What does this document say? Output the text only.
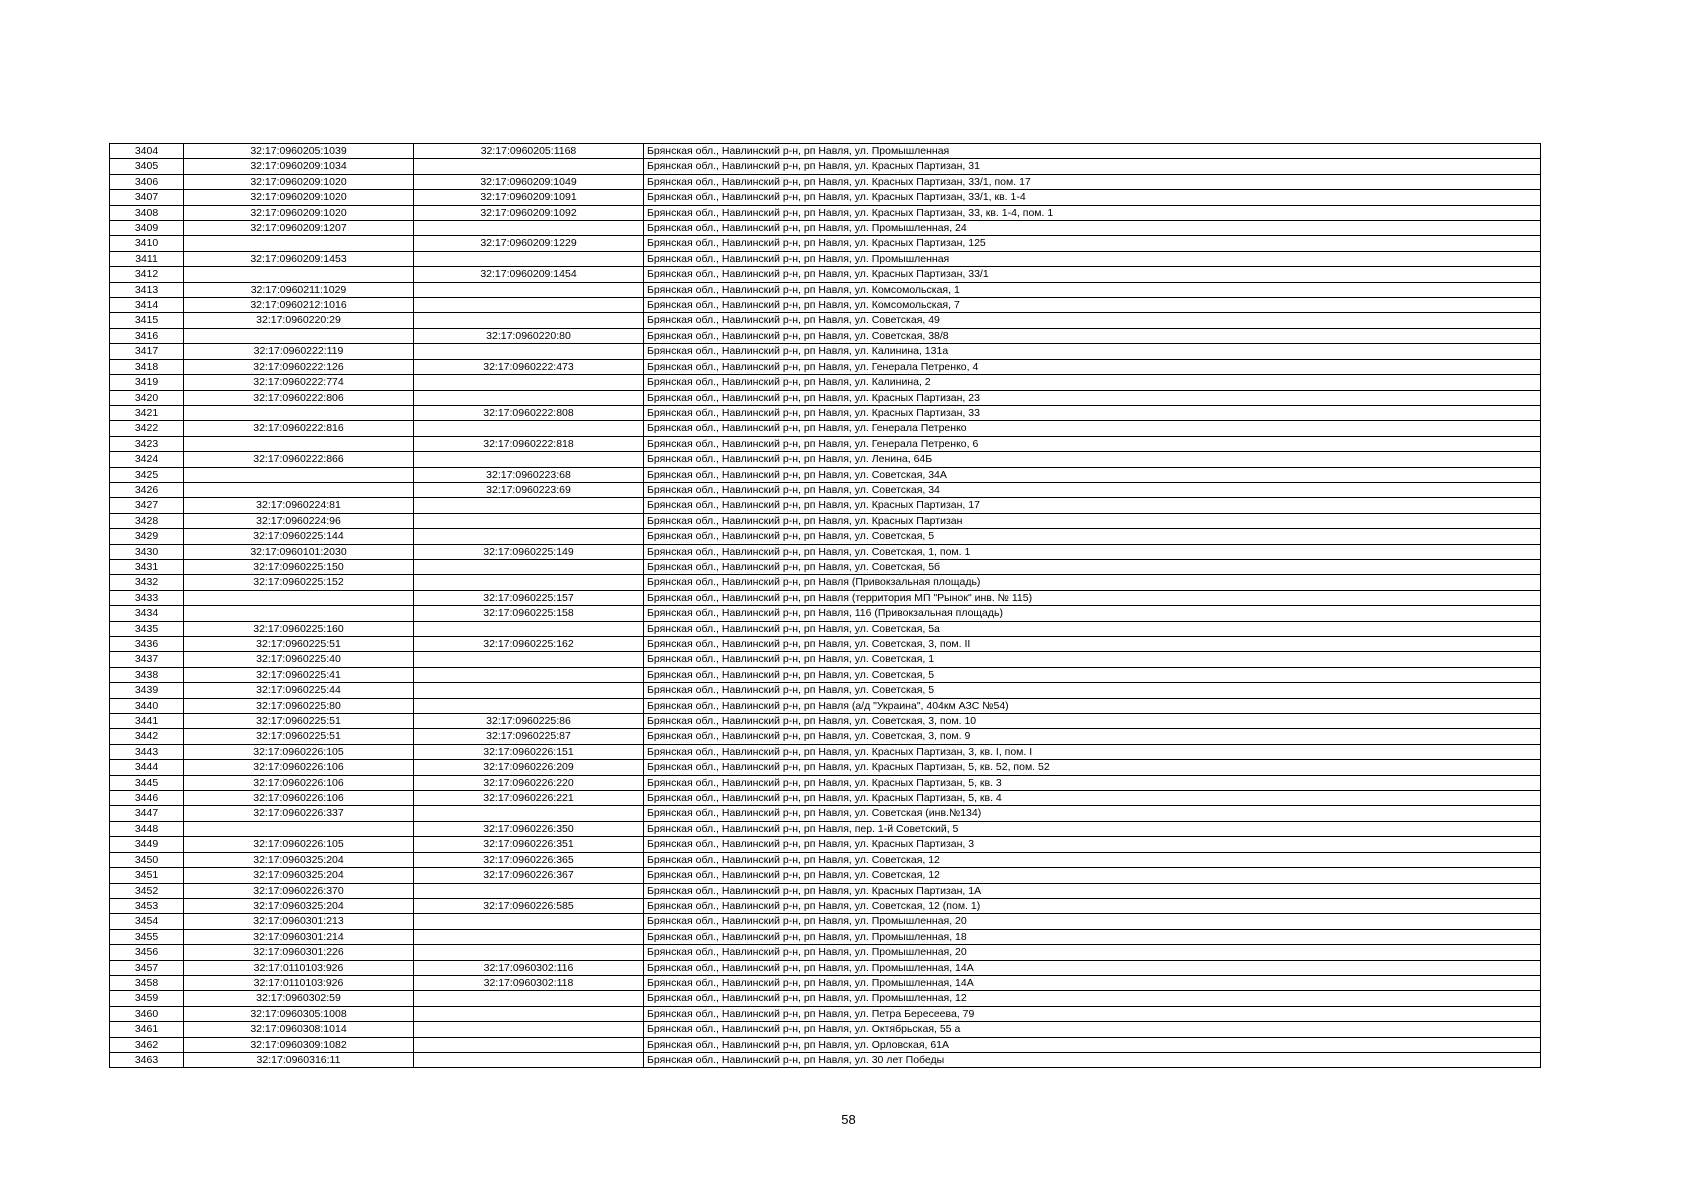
3404	32:17:0960205:1039	32:17:0960205:1168	Брянская обл., Навлинский р-н, рп Навля, ул. Промышленная
3405	32:17:0960209:1034		Брянская обл., Навлинский р-н, рп Навля, ул. Красных Партизан, 31
3406	32:17:0960209:1020	32:17:0960209:1049	Брянская обл., Навлинский р-н, рп Навля, ул. Красных Партизан, 33/1, пом. 17
3407	32:17:0960209:1020	32:17:0960209:1091	Брянская обл., Навлинский р-н, рп Навля, ул. Красных Партизан, 33/1, кв. 1-4
3408	32:17:0960209:1020	32:17:0960209:1092	Брянская обл., Навлинский р-н, рп Навля, ул. Красных Партизан, 33, кв. 1-4, пом. 1
3409	32:17:0960209:1207		Брянская обл., Навлинский р-н, рп Навля, ул. Промышленная, 24
3410		32:17:0960209:1229	Брянская обл., Навлинский р-н, рп Навля, ул. Красных Партизан, 125
3411	32:17:0960209:1453		Брянская обл., Навлинский р-н, рп Навля, ул. Промышленная
3412		32:17:0960209:1454	Брянская обл., Навлинский р-н, рп Навля, ул. Красных Партизан, 33/1
3413	32:17:0960211:1029		Брянская обл., Навлинский р-н, рп Навля, ул. Комсомольская, 1
3414	32:17:0960212:1016		Брянская обл., Навлинский р-н, рп Навля, ул. Комсомольская, 7
3415	32:17:0960220:29		Брянская обл., Навлинский р-н, рп Навля, ул. Советская, 49
3416		32:17:0960220:80	Брянская обл., Навлинский р-н, рп Навля, ул. Советская, 38/8
3417	32:17:0960222:119		Брянская обл., Навлинский р-н, рп Навля, ул. Калинина, 131а
3418	32:17:0960222:126	32:17:0960222:473	Брянская обл., Навлинский р-н, рп Навля, ул. Генерала Петренко, 4
3419	32:17:0960222:774		Брянская обл., Навлинский р-н, рп Навля, ул. Калинина, 2
3420	32:17:0960222:806		Брянская обл., Навлинский р-н, рп Навля, ул. Красных Партизан, 23
3421		32:17:0960222:808	Брянская обл., Навлинский р-н, рп Навля, ул. Красных Партизан, 33
3422	32:17:0960222:816		Брянская обл., Навлинский р-н, рп Навля, ул. Генерала Петренко
3423		32:17:0960222:818	Брянская обл., Навлинский р-н, рп Навля, ул. Генерала Петренко, 6
3424	32:17:0960222:866		Брянская обл., Навлинский р-н, рп Навля, ул. Ленина, 64Б
3425		32:17:0960223:68	Брянская обл., Навлинский р-н, рп Навля, ул. Советская, 34А
3426		32:17:0960223:69	Брянская обл., Навлинский р-н, рп Навля, ул. Советская, 34
3427	32:17:0960224:81		Брянская обл., Навлинский р-н, рп Навля, ул. Красных Партизан, 17
3428	32:17:0960224:96		Брянская обл., Навлинский р-н, рп Навля, ул. Красных Партизан
3429	32:17:0960225:144		Брянская обл., Навлинский р-н, рп Навля, ул. Советская, 5
3430	32:17:0960101:2030	32:17:0960225:149	Брянская обл., Навлинский р-н, рп Навля, ул. Советская, 1, пом. 1
3431	32:17:0960225:150		Брянская обл., Навлинский р-н, рп Навля, ул. Советская, 5б
3432	32:17:0960225:152		Брянская обл., Навлинский р-н, рп Навля (Привокзальная площадь)
3433		32:17:0960225:157	Брянская обл., Навлинский р-н, рп Навля (территория МП "Рынок" инв. № 115)
3434		32:17:0960225:158	Брянская обл., Навлинский р-н, рп Навля, 116 (Привокзальная площадь)
3435	32:17:0960225:160		Брянская обл., Навлинский р-н, рп Навля, ул. Советская, 5а
3436	32:17:0960225:51	32:17:0960225:162	Брянская обл., Навлинский р-н, рп Навля, ул. Советская, 3, пом. II
3437	32:17:0960225:40		Брянская обл., Навлинский р-н, рп Навля, ул. Советская, 1
3438	32:17:0960225:41		Брянская обл., Навлинский р-н, рп Навля, ул. Советская, 5
3439	32:17:0960225:44		Брянская обл., Навлинский р-н, рп Навля, ул. Советская, 5
3440	32:17:0960225:80		Брянская обл., Навлинский р-н, рп Навля (а/д "Украина", 404км АЗС №54)
3441	32:17:0960225:51	32:17:0960225:86	Брянская обл., Навлинский р-н, рп Навля, ул. Советская, 3, пом. 10
3442	32:17:0960225:51	32:17:0960225:87	Брянская обл., Навлинский р-н, рп Навля, ул. Советская, 3, пом. 9
3443	32:17:0960226:105	32:17:0960226:151	Брянская обл., Навлинский р-н, рп Навля, ул. Красных Партизан, 3, кв. I, пом. I
3444	32:17:0960226:106	32:17:0960226:209	Брянская обл., Навлинский р-н, рп Навля, ул. Красных Партизан, 5, кв. 52, пом. 52
3445	32:17:0960226:106	32:17:0960226:220	Брянская обл., Навлинский р-н, рп Навля, ул. Красных Партизан, 5, кв. 3
3446	32:17:0960226:106	32:17:0960226:221	Брянская обл., Навлинский р-н, рп Навля, ул. Красных Партизан, 5, кв. 4
3447	32:17:0960226:337		Брянская обл., Навлинский р-н, рп Навля, ул. Советская (инв.№134)
3448		32:17:0960226:350	Брянская обл., Навлинский р-н, рп Навля, пер. 1-й Советский, 5
3449	32:17:0960226:105	32:17:0960226:351	Брянская обл., Навлинский р-н, рп Навля, ул. Красных Партизан, 3
3450	32:17:0960325:204	32:17:0960226:365	Брянская обл., Навлинский р-н, рп Навля, ул. Советская, 12
3451	32:17:0960325:204	32:17:0960226:367	Брянская обл., Навлинский р-н, рп Навля, ул. Советская, 12
3452	32:17:0960226:370		Брянская обл., Навлинский р-н, рп Навля, ул. Красных Партизан, 1А
3453	32:17:0960325:204	32:17:0960226:585	Брянская обл., Навлинский р-н, рп Навля, ул. Советская, 12 (пом. 1)
3454	32:17:0960301:213		Брянская обл., Навлинский р-н, рп Навля, ул. Промышленная, 20
3455	32:17:0960301:214		Брянская обл., Навлинский р-н, рп Навля, ул. Промышленная, 18
3456	32:17:0960301:226		Брянская обл., Навлинский р-н, рп Навля, ул. Промышленная, 20
3457	32:17:0110103:926	32:17:0960302:116	Брянская обл., Навлинский р-н, рп Навля, ул. Промышленная, 14А
3458	32:17:0110103:926	32:17:0960302:118	Брянская обл., Навлинский р-н, рп Навля, ул. Промышленная, 14А
3459	32:17:0960302:59		Брянская обл., Навлинский р-н, рп Навля, ул. Промышленная, 12
3460	32:17:0960305:1008		Брянская обл., Навлинский р-н, рп Навля, ул. Петра Бересеева, 79
3461	32:17:0960308:1014		Брянская обл., Навлинский р-н, рп Навля, ул. Октябрьская, 55 а
3462	32:17:0960309:1082		Брянская обл., Навлинский р-н, рп Навля, ул. Орловская, 61А
3463	32:17:0960316:11		Брянская обл., Навлинский р-н, рп Навля, ул. 30 лет Победы
58
